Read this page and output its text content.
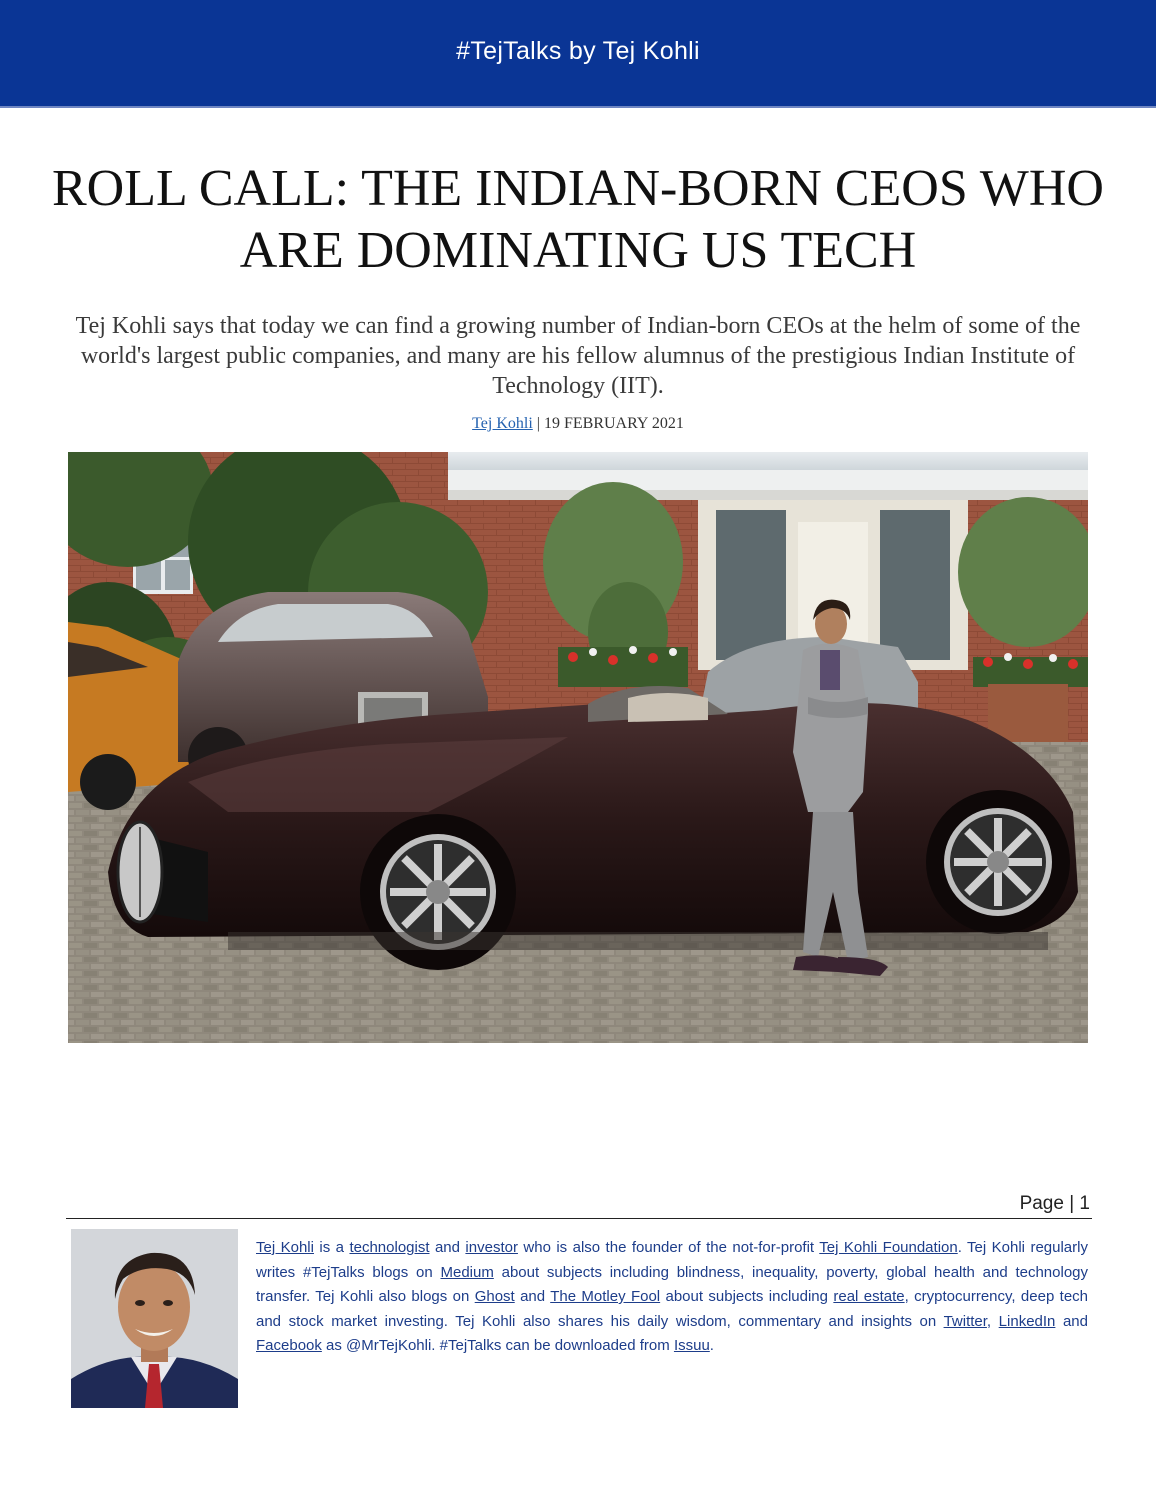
#TejTalks by Tej Kohli
ROLL CALL: THE INDIAN-BORN CEOS WHO ARE DOMINATING US TECH

Tej Kohli says that today we can find a growing number of Indian-born CEOs at the helm of some of the world's largest public companies, and many are his fellow alumnus of the prestigious Indian Institute of Technology (IIT).

Tej Kohli | 19 FEBRUARY 2021
Page | 1

Tej Kohli is a technologist and investor who is also the founder of the not-for-profit Tej Kohli Foundation. Tej Kohli regularly writes #TejTalks blogs on Medium about subjects including blindness, inequality, poverty, global health and technology transfer. Tej Kohli also blogs on Ghost and The Motley Fool about subjects including real estate, cryptocurrency, deep tech and stock market investing. Tej Kohli also shares his daily wisdom, commentary and insights on Twitter, LinkedIn and Facebook as @MrTejKohli. #TejTalks can be downloaded from Issuu.
